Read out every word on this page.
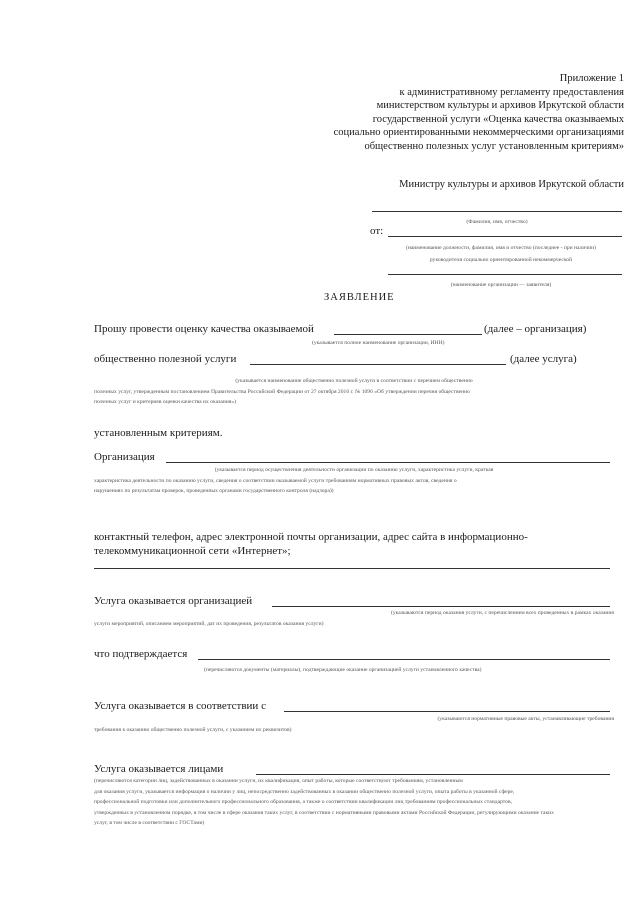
Приложение 1
к административному регламенту предоставления
министерством культуры и архивов Иркутской области
государственной услуги «Оценка качества оказываемых
социально ориентированными некоммерческими организациями
общественно полезных услуг установленным критериям»
Министру культуры и архивов Иркутской области
(Фамилия, имя, отчество)
от:
(наименование должности, фамилия, имя и отчество (последнее - при наличии)
руководителя социально ориентированной некоммерческой
(наименование организации — заявителя)
ЗАЯВЛЕНИЕ
Прошу провести оценку качества оказываемой	(далее – организация)
(указывается полное наименование организации, ИНН)
общественно полезной услуги	(далее услуга)
(указывается наименование общественно полезной услуги в соответствии с перечнем общественно
полезных услуг, утвержденным постановлением Правительства Российской Федерации от 27 октября 2016 г. № 1096 «Об утверждении перечня общественно
полезных услуг и критериев оценки качества их оказания»)
установленным критериям.
Организация
(указывается период осуществления деятельности организации по оказанию услуги, характеристика услуги, краткая
характеристика деятельности по оказанию услуги, сведения о соответствии оказываемой услуги требованиям нормативных правовых актов, сведения о
нарушениях по результатам проверок, проведенных органами государственного контроля (надзора))
контактный телефон, адрес электронной почты организации, адрес сайта в информационно-
телекоммуникационной сети «Интернет»;
Услуга оказывается организацией
(указываются период оказания услуги, с перечислением всех проведенных в рамках оказания
услуги мероприятий, описанием мероприятий, дат их проведения, результатов оказания услуги)
что подтверждается
(перечисляются документы (материалы), подтверждающие оказание организацией услуги установленного качества)
Услуга оказывается в соответствии с
(указываются нормативные правовые акты, устанавливающие требования
требования к оказанию общественно полезной услуги, с указанием их реквизитов)
Услуга оказывается лицами
(перечисляются категории лиц, задействованных в оказании услуги, их квалификация, опыт работы, которые соответствуют требованиям, установленным
для оказания услуги, указывается информация о наличии у лиц, непосредственно задействованных в оказании общественно полезной услуги, опыта работы в указанной сфере,
профессиональной подготовки или дополнительного профессионального образования, а также о соответствии квалификации лиц требованиям профессиональных стандартов,
утвержденных в установленном порядке, в том числе в сфере оказания таких услуг, в соответствии с нормативными правовыми актами Российской Федерации, регулирующими оказание таких
услуг, в том числе в соответствии с ГОСТами)
